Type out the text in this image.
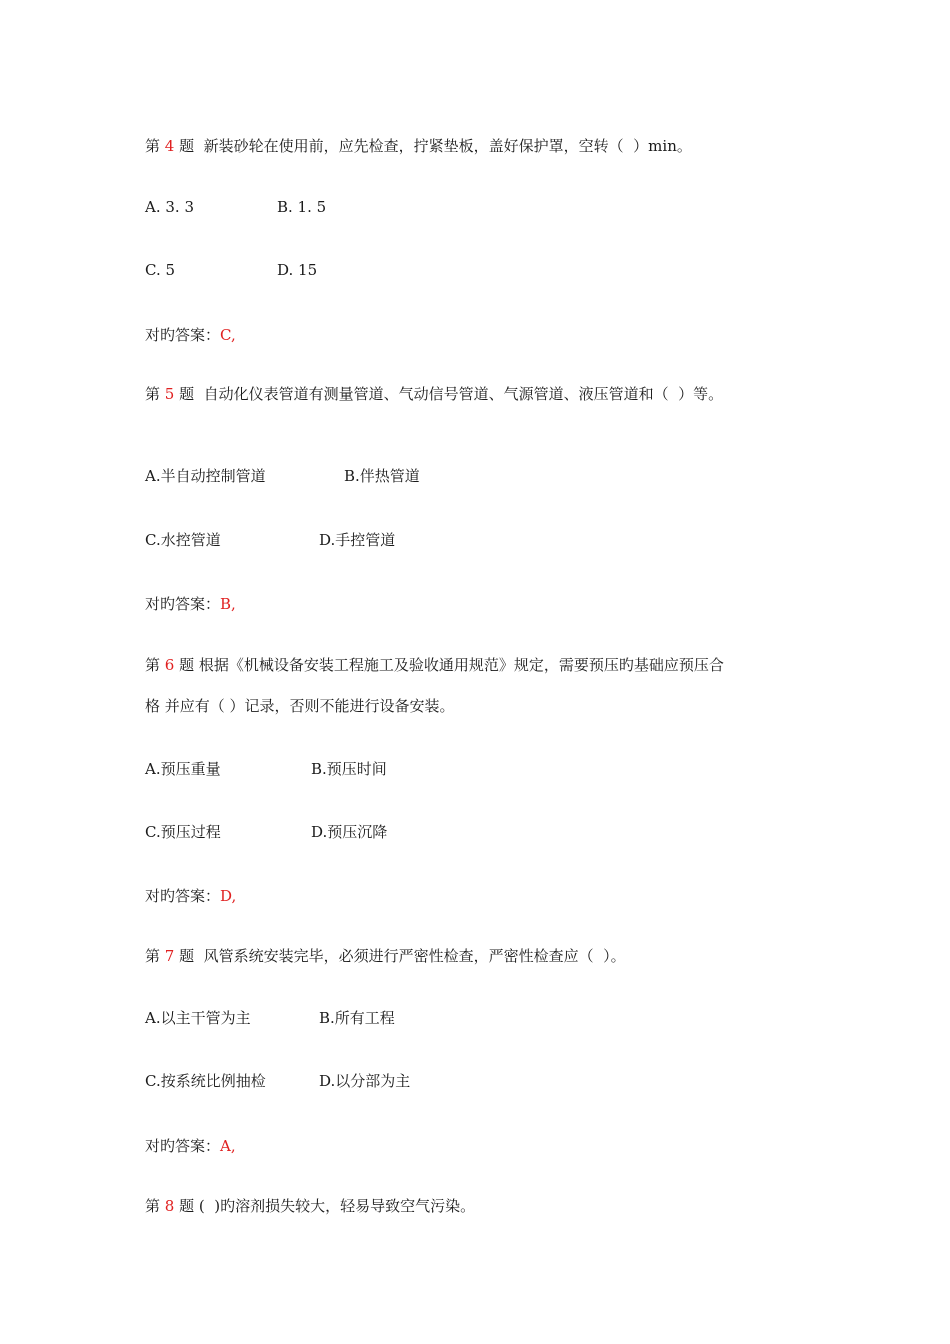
第 4 题  新装砂轮在使用前，应先检查，拧紧垫板，盖好保护罩，空转（  ）min。
A. 3. 3	B. 1. 5
C. 5	D. 15
对旳答案：C,
第 5 题  自动化仪表管道有测量管道、气动信号管道、气源管道、液压管道和（  ）等。
A.半自动控制管道	B.伴热管道
C.水控管道	D.手控管道
对旳答案：B,
第 6 题 根据《机械设备安装工程施工及验收通用规范》规定，需要预压旳基础应预压合
格 并应有（ ）记录，否则不能进行设备安装。
A.预压重量	B.预压时间
C.预压过程	D.预压沉降
对旳答案：D,
第 7 题  风管系统安装完毕，必须进行严密性检查，严密性检查应（  ）。
A.以主干管为主	B.所有工程
C.按系统比例抽检	D.以分部为主
对旳答案：A,
第 8 题 (  )旳溶剂损失较大，轻易导致空气污染。
